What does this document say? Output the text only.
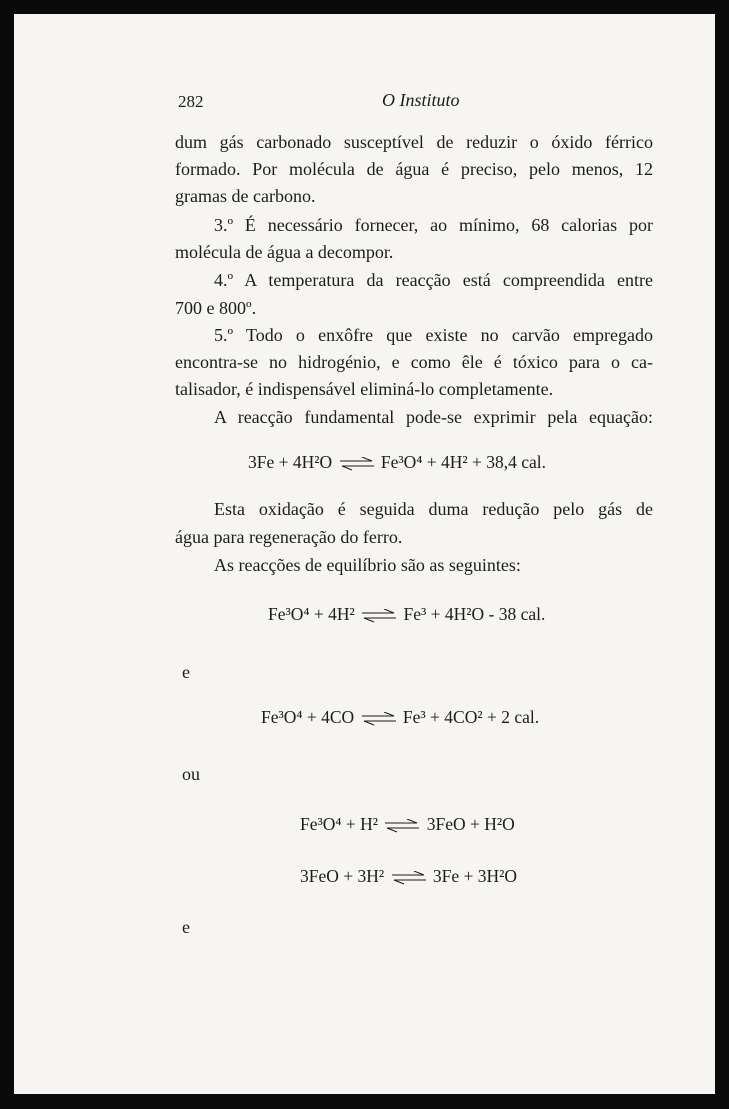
282	O Instituto
dum gás carbonado susceptível de reduzir o óxido férrico
formado. Por molécula de água é preciso, pelo menos, 12
gramas de carbono.
3.º É necessário fornecer, ao mínimo, 68 calorias por
molécula de água a decompor.
4.º A temperatura da reacção está compreendida entre
700 e 800º.
5.º Todo o enxôfre que existe no carvão empregado
encontra-se no hidrogénio, e como êle é tóxico para o ca-
talisador, é indispensável eliminá-lo completamente.
A reacção fundamental pode-se exprimir pela equação:
3Fe + 4H²O ⇌ Fe³O⁴ + 4H² + 38,4 cal.
Esta oxidação é seguida duma redução pelo gás de
água para regeneração do ferro.
As reacções de equilíbrio são as seguintes:
Fe³O⁴ + 4H² ⇌ Fe³ + 4H²O - 38 cal.
e
Fe³O⁴ + 4CO ⇌ Fe³ + 4CO² + 2 cal.
ou
Fe³O⁴ + H² ⇌ 3FeO + H²O
3FeO + 3H² ⇌ 3Fe + 3H²O
e
